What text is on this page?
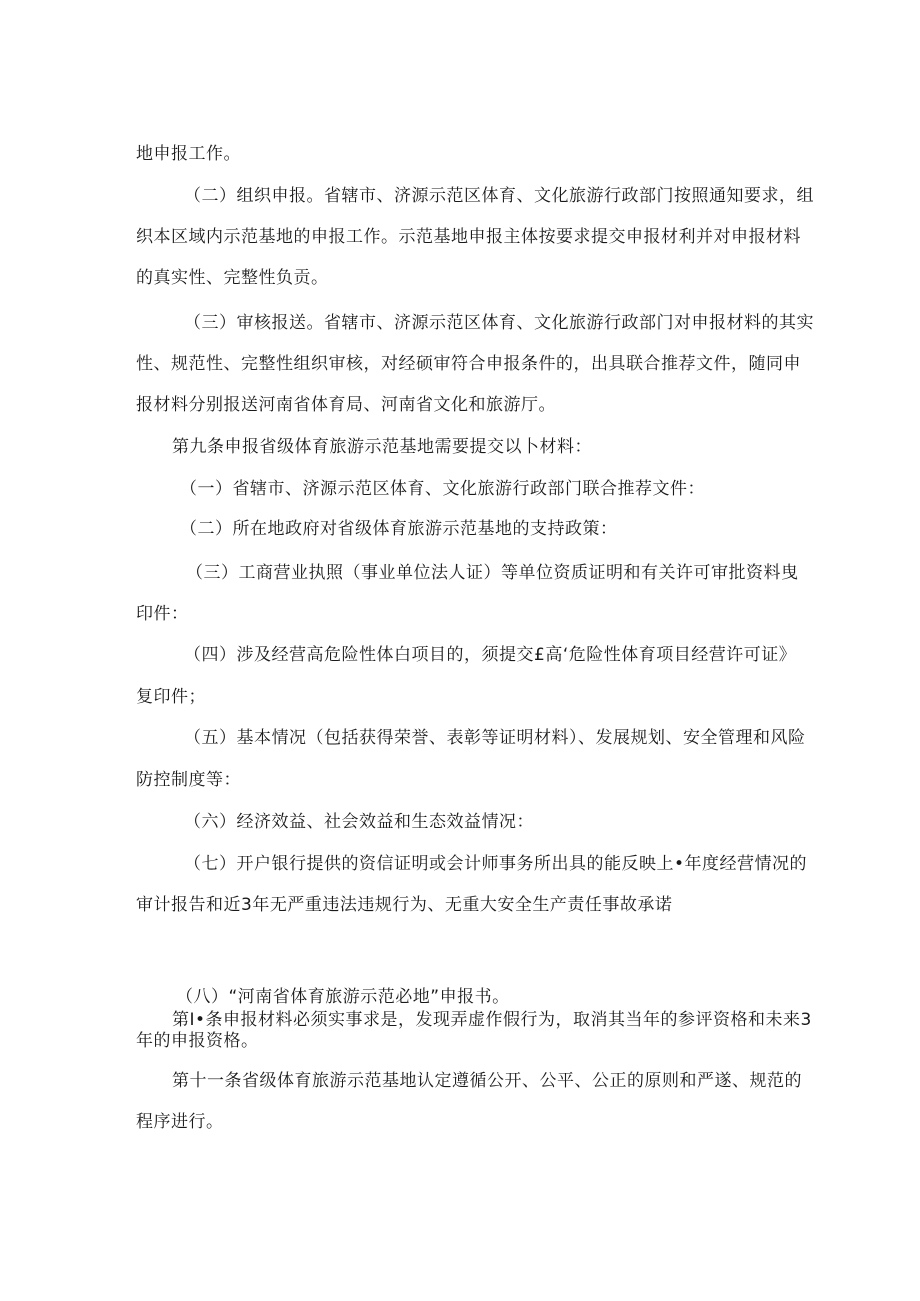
地申报工作。
（二）组织申报。省辖市、济源示范区体育、文化旅游行政部门按照通知要求，组
织本区域内示范基地的申报工作。示范基地申报主体按要求提交申报材利并对申报材料
的真实性、完整性负贡。
（三）审核报送。省辖市、济源示范区体育、文化旅游行政部门对申报材料的其实
性、规范性、完整性组织审核，对经硕审符合申报条件的，出具联合推荐文件，随同申
报材料分别报送河南省体育局、河南省文化和旅游厅。
第九条申报省级体育旅游示范基地需要提交以卜材料：
（一）省辖市、济源示范区体育、文化旅游行政部门联合推荐文件：
（二）所在地政府对省级体育旅游示范基地的支持政策：
（三）工商营业执照（事业单位法人证）等单位资质证明和有关许可审批资料曳
印件：
（四）涉及经营高危险性体白项目的，须提交£高‘危险性体育项目经营许可证》
复印件；
（五）基本情况（包括获得荣誉、表彰等证明材料）、发展规划、安全管理和风险
防控制度等：
（六）经济效益、社会效益和生态效益情况：
（七）开户银行提供的资信证明或会计师事务所出具的能反映上•年度经营情况的
审计报告和近3年无严重违法违规行为、无重大安全生产责任事故承诺
（八）“河南省体育旅游示范必地”申报书。
第I•条申报材料必须实事求是，发现弄虚作假行为，取消其当年的参评资格和未来3
年的申报资格。
第十一条省级体育旅游示范基地认定遵循公开、公平、公正的原则和严遂、规范的
程序进行。
